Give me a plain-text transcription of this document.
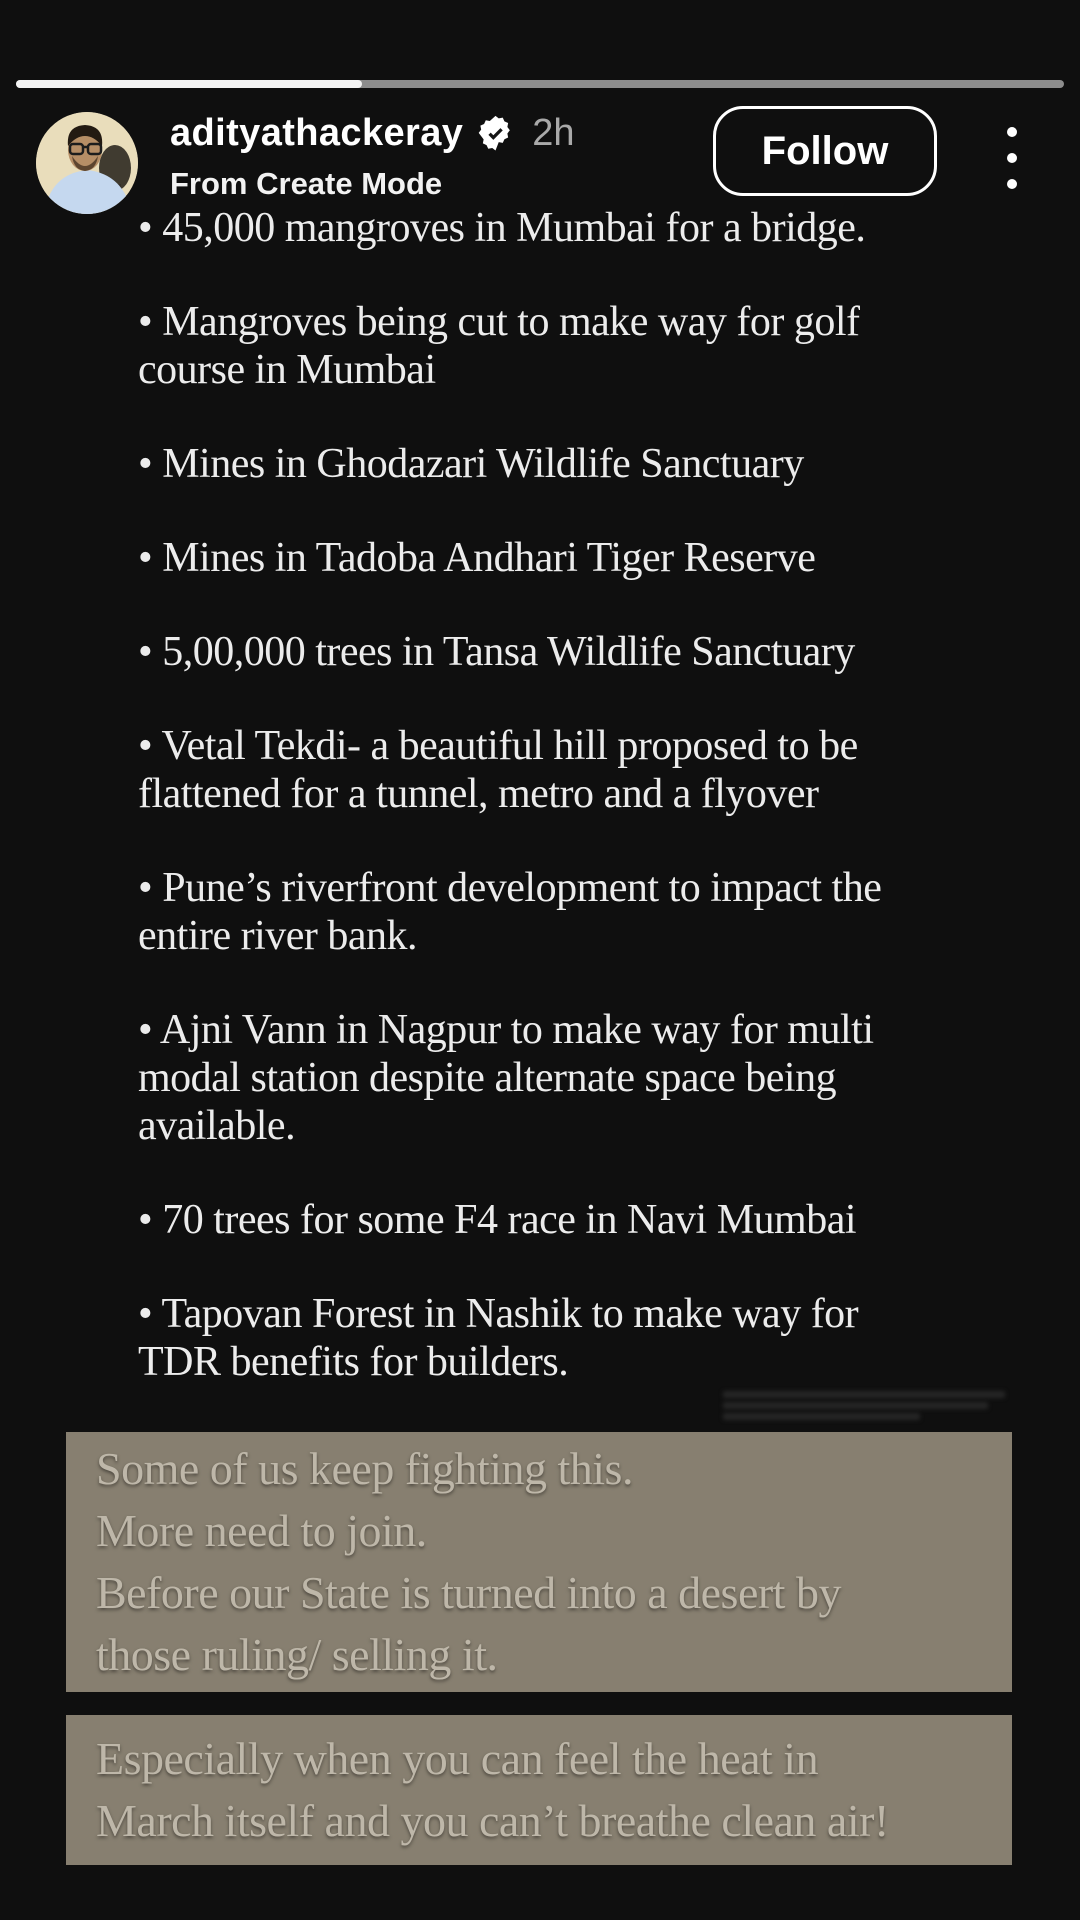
adityathackeray 2h
From Create Mode
Follow
• 45,000 mangroves in Mumbai for a bridge.
• Mangroves being cut to make way for golf
course in Mumbai
• Mines in Ghodazari Wildlife Sanctuary
• Mines in Tadoba Andhari Tiger Reserve
• 5,00,000 trees in Tansa Wildlife Sanctuary
• Vetal Tekdi- a beautiful hill proposed to be
flattened for a tunnel, metro and a flyover
• Pune’s riverfront development to impact the
entire river bank.
• Ajni Vann in Nagpur to make way for multi
modal station despite alternate space being
available.
• 70 trees for some F4 race in Navi Mumbai
• Tapovan Forest in Nashik to make way for
TDR benefits for builders.
Some of us keep fighting this.
More need to join.
Before our State is turned into a desert by
those ruling/ selling it.
Especially when you can feel the heat in
March itself and you can’t breathe clean air!
